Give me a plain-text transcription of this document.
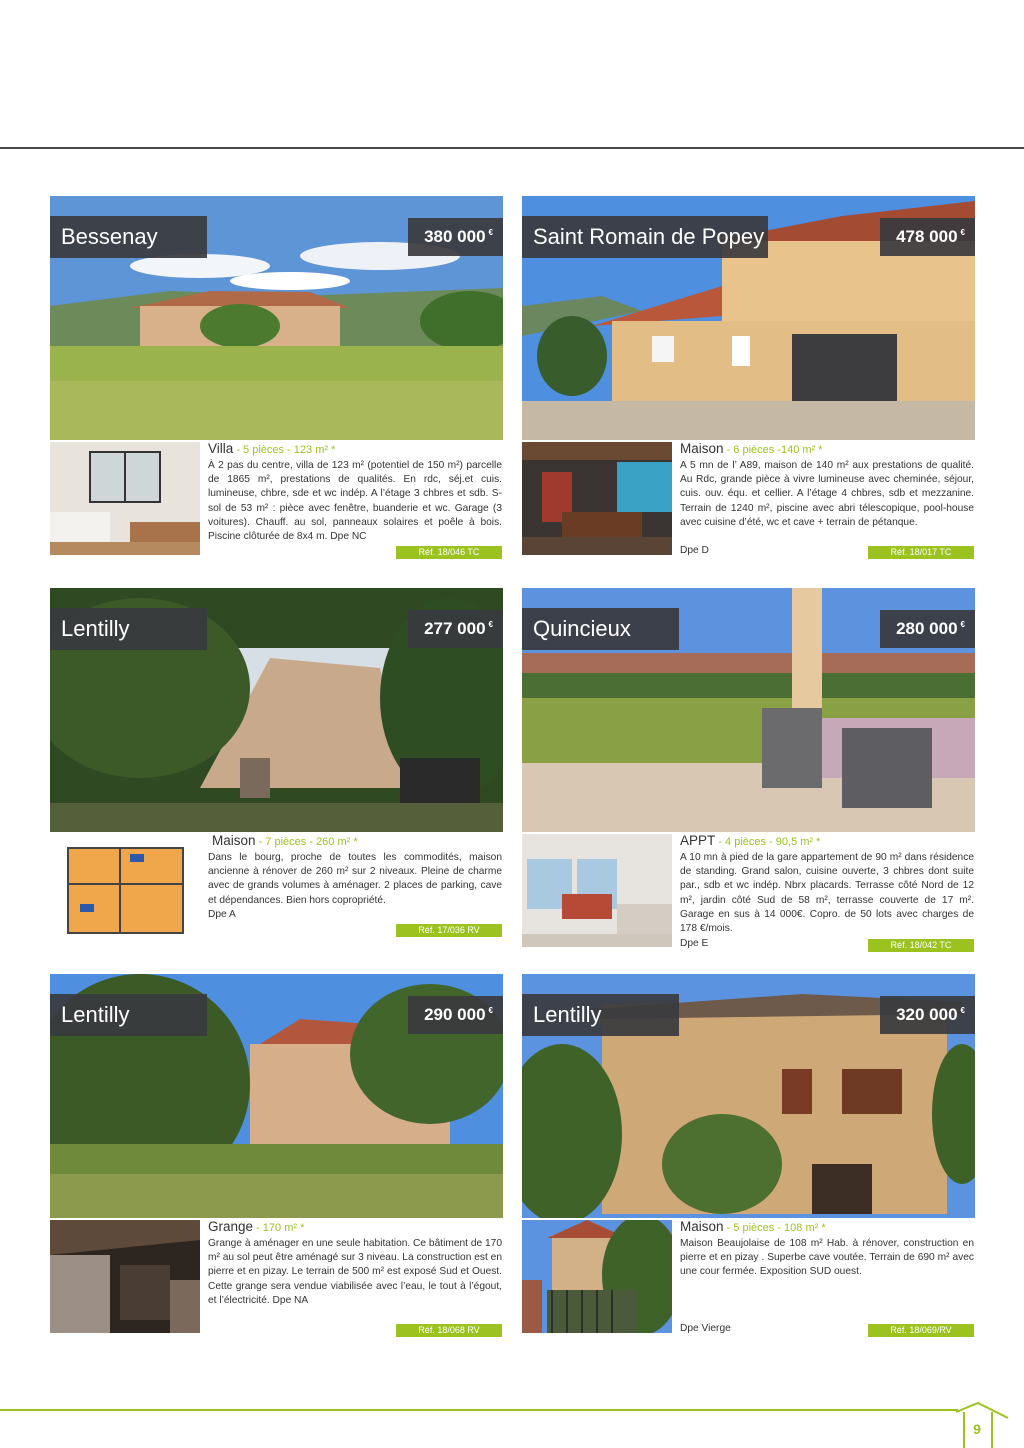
Bessenay	380 000 €
Villa - 5 pièces - 123 m² *

À 2 pas du centre, villa de 123 m² (potentiel de 150 m²) parcelle de 1865 m², prestations de qualités. En rdc, séj.et cuis. lumineuse, chbre, sde et wc indép. A l’étage 3 chbres et sdb. S-sol de 53 m² : pièce avec fenêtre, buanderie et wc. Garage (3 voitures). Chauff. au sol, panneaux solaires et poêle à bois. Piscine clôturée de 8x4 m. Dpe NC

Réf. 18/046 TC
Saint Romain de Popey	478 000 €
Maison - 6 pièces -140 m² *

A 5 mn de l’ A89, maison de 140 m² aux prestations de qualité. Au Rdc, grande pièce à vivre lumineuse avec cheminée, séjour, cuis. ouv. équ. et cellier. A l’étage 4 chbres, sdb et mezzanine. Terrain de 1240 m², piscine avec abri télescopique, pool-house avec cuisine d’été, wc et cave + terrain de pétanque.

Dpe D	Réf. 18/017 TC
Lentilly	277 000 €
Maison - 7 pièces - 260 m² *

Dans le bourg, proche de toutes les commodités, maison ancienne à rénover de 260 m² sur 2 niveaux. Pleine de charme avec de grands volumes à aménager. 2 places de parking, cave et dépendances. Bien hors copropriété.

Dpe A
Réf. 17/036 RV
Quincieux	280 000 €
APPT - 4 pièces - 90,5 m² *

A 10 mn à pied de la gare appartement de 90 m² dans résidence de standing. Grand salon, cuisine ouverte, 3 chbres dont suite par., sdb et wc indép. Nbrx placards. Terrasse côté Nord de 12 m², jardin côté Sud de 58 m², terrasse couverte de 17 m². Garage en sus à 14 000€. Copro. de 50 lots avec charges de 178 €/mois.

Dpe E	Réf. 18/042 TC
Lentilly	290 000 €
Grange - 170 m² *

Grange à aménager en une seule habitation. Ce bâtiment de 170 m² au sol peut être aménagé sur 3 niveau. La construction est en pierre et en pizay. Le terrain de 500 m² est exposé Sud et Ouest. Cette grange sera vendue viabilisée avec l’eau, le tout à l’égout, et l’électricité. Dpe NA

Réf. 18/068 RV
Lentilly	320 000 €
Maison - 5 pièces - 108 m² *

Maison Beaujolaise de 108 m² Hab. à rénover, construction en pierre et en pizay . Superbe cave voutée. Terrain de 690 m² avec une cour fermée. Exposition SUD ouest.

Dpe Vierge	Réf. 18/069/RV
9
